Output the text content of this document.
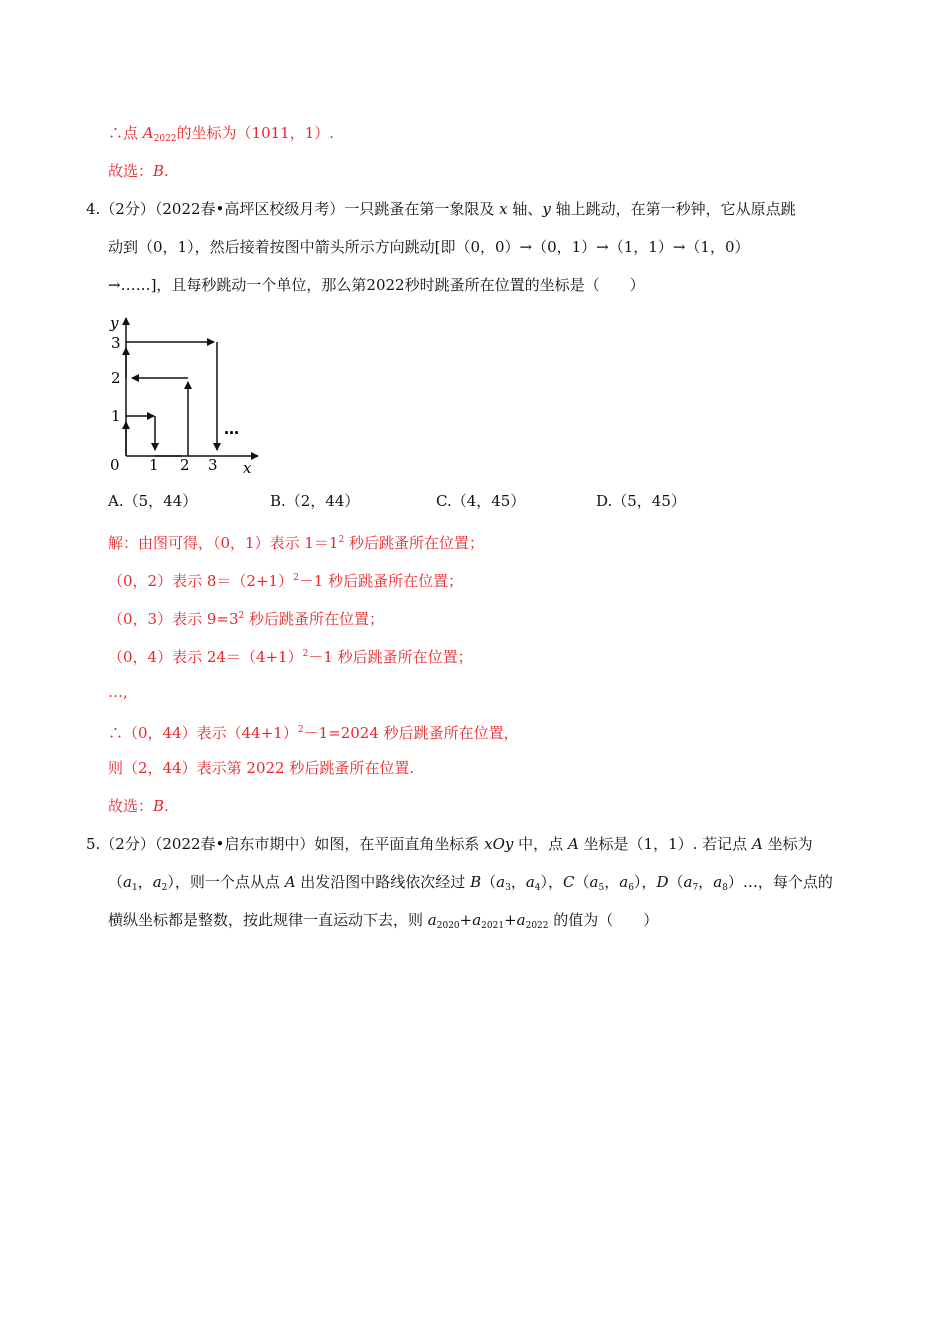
∴点 $A_{2022}$的坐标为（1011，1）.
故选：B.
4.（2分）（2022春•高坪区校级月考）一只跳蚤在第一象限及 x 轴、y 轴上跳动，在第一秒钟，它从原点跳
动到（0，1），然后接着按图中箭头所示方向跳动[即（0，0）→（0，1）→（1，1）→（1，0）
→……]，且每秒跳动一个单位，那么第2022秒时跳蚤所在位置的坐标是（　　）
y
x
0 1 2 3
1
2
3
…
A.（5，44）	B.（2，44）	C.（4，45）	D.（5，45）
解：由图可得，（0，1）表示 $1=1^2$ 秒后跳蚤所在位置；
（0，2）表示 $8=(2+1)^2-1$ 秒后跳蚤所在位置；
（0，3）表示 $9=3^2$ 秒后跳蚤所在位置；
（0，4）表示 $24=(4+1)^2-1$ 秒后跳蚤所在位置；
…,
∴（0，44）表示$(44+1)^2-1=2024$ 秒后跳蚤所在位置，
则（2，44）表示第 2022 秒后跳蚤所在位置.
故选：B.
5.（2分）（2022春•启东市期中）如图，在平面直角坐标系 xOy 中，点 A 坐标是（1，1）. 若记点 A 坐标为
（$a_1$，$a_2$），则一个点从点 A 出发沿图中路线依次经过 $B(a_3$，$a_4$），$C(a_5$，$a_6$），$D(a_7$，$a_8)\dots$，每个点的
横纵坐标都是整数，按此规律一直运动下去，则 $a_{2020}+a_{2021}+a_{2022}$ 的值为（　　）
